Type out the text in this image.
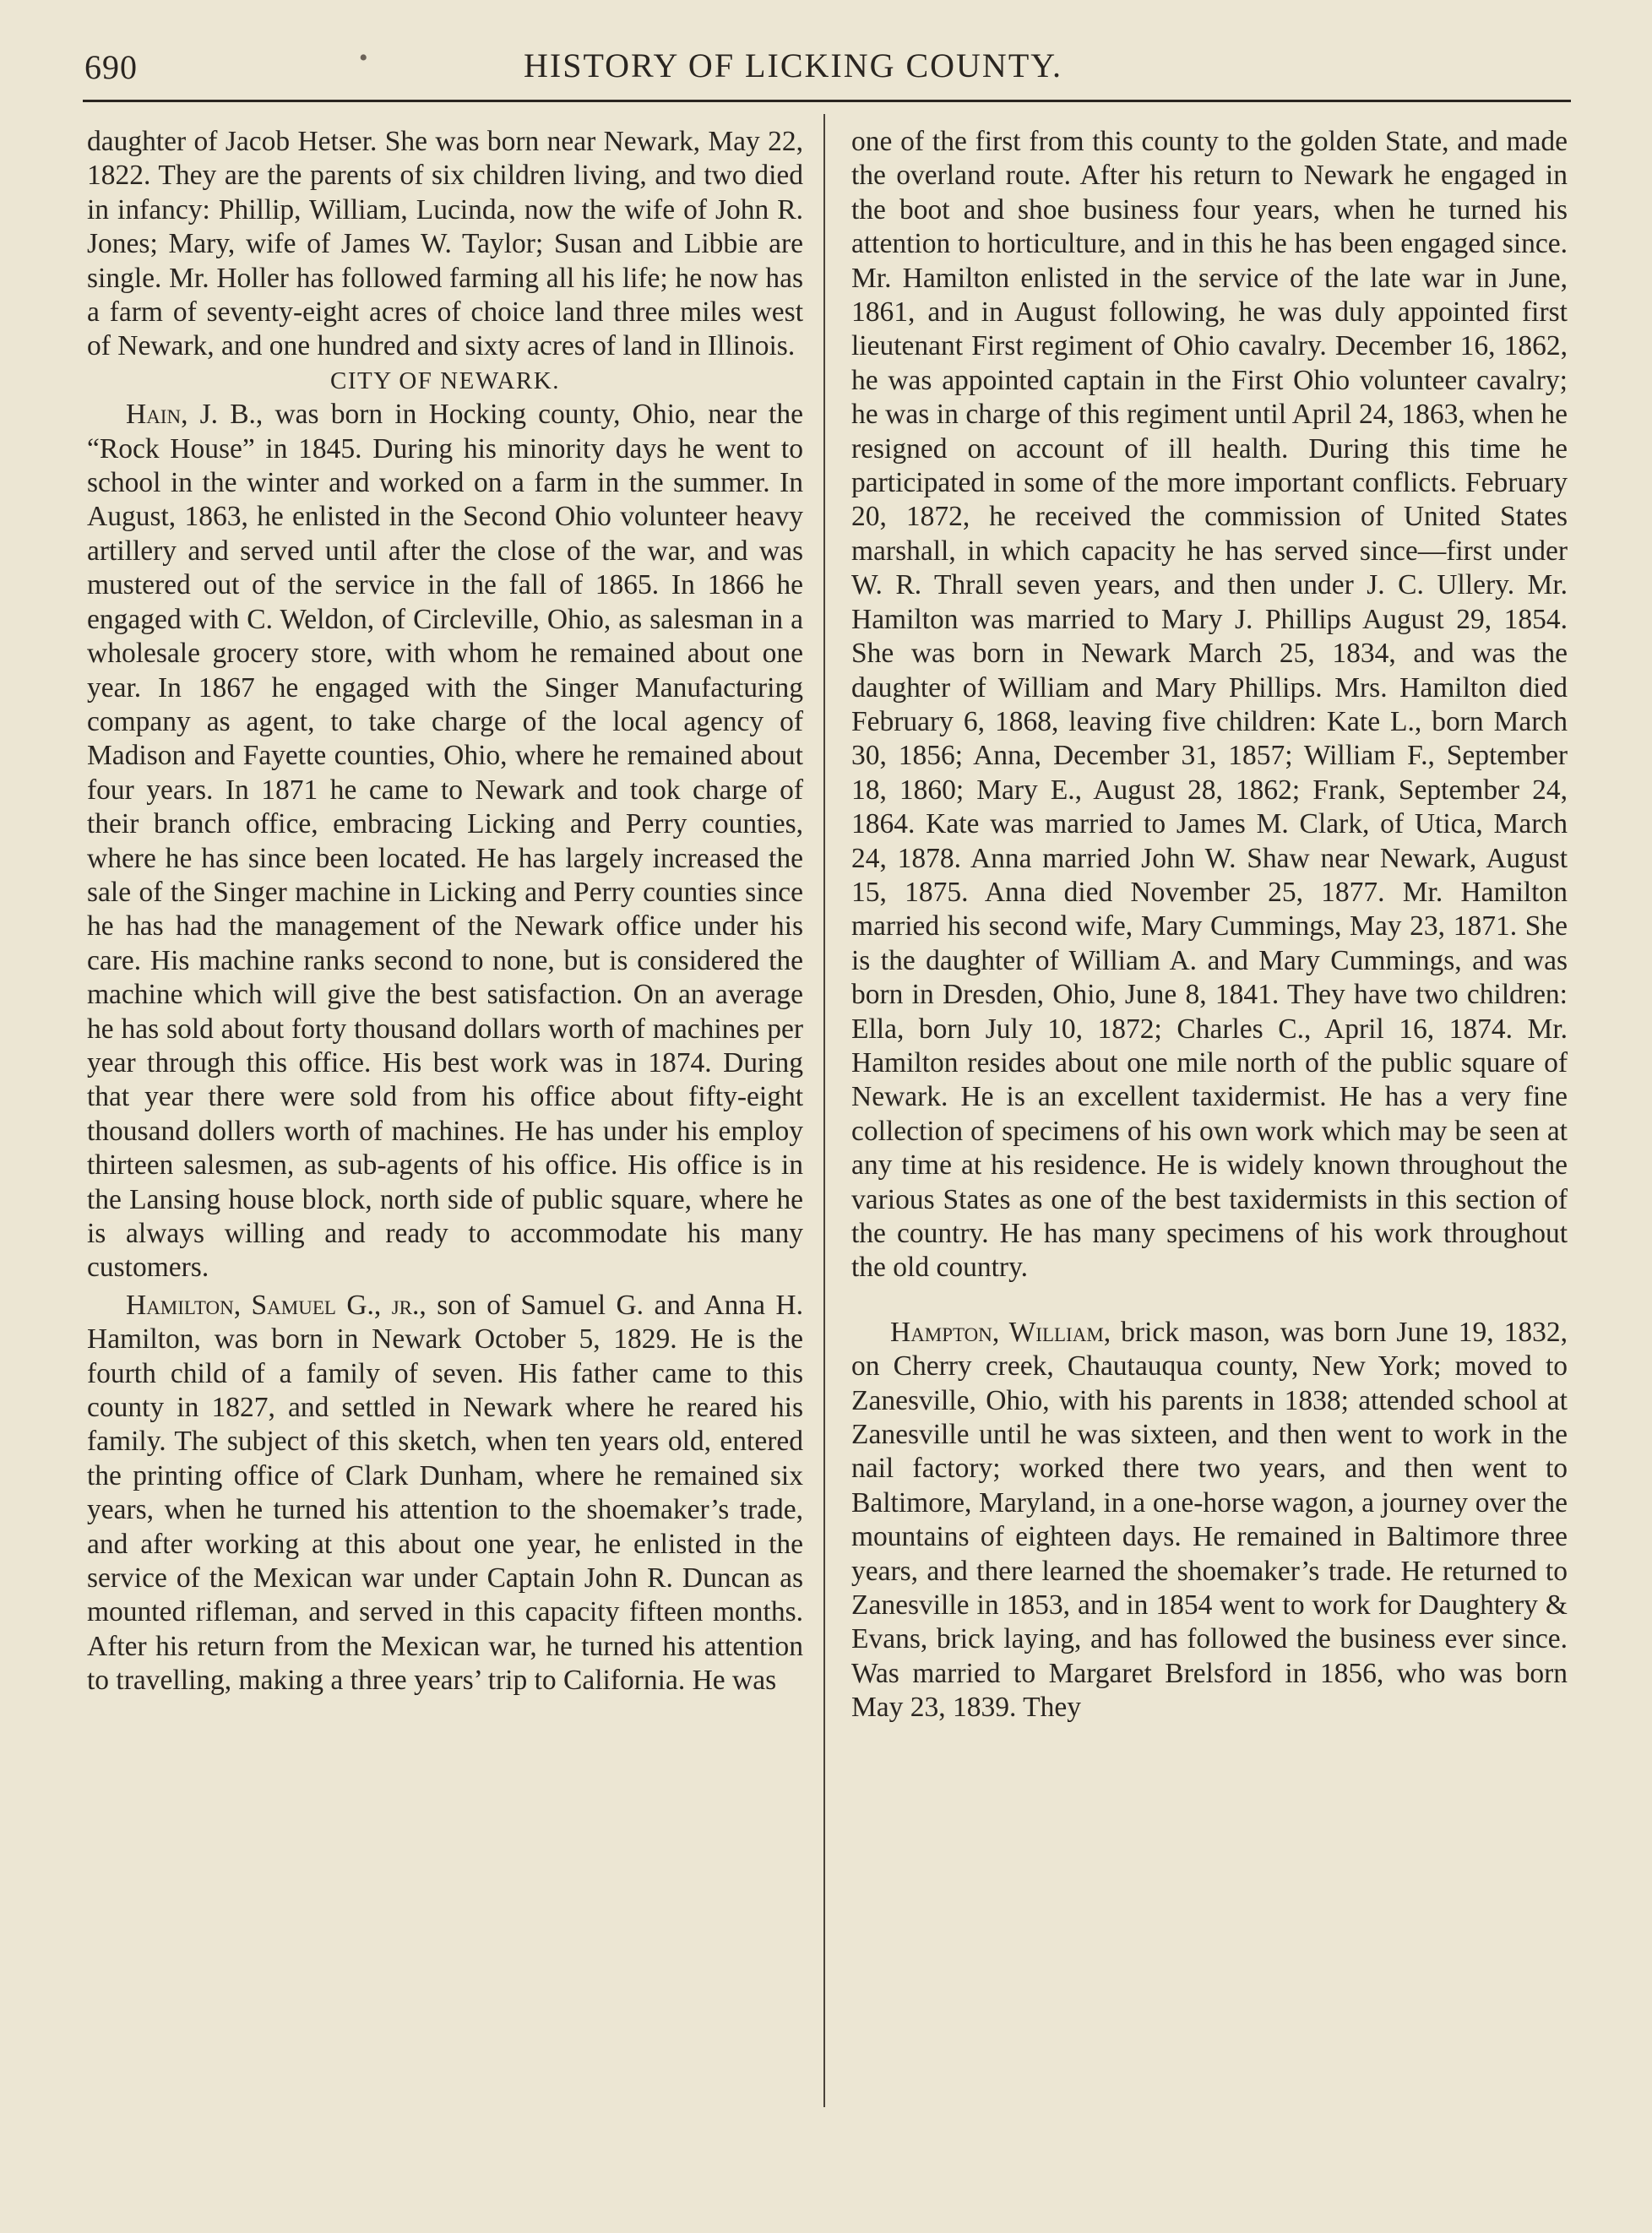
690	•	HISTORY OF LICKING COUNTY.

daughter of Jacob Hetser. She was born near Newark, May 22, 1822. They are the parents of six children living, and two died in infancy: Phillip, William, Lucinda, now the wife of John R. Jones; Mary, wife of James W. Taylor; Susan and Libbie are single. Mr. Holler has followed farming all his life; he now has a farm of seventy-eight acres of choice land three miles west of Newark, and one hundred and sixty acres of land in Illinois.

CITY OF NEWARK.

Hain, J. B., was born in Hocking county, Ohio, near the “Rock House” in 1845. During his minority days he went to school in the winter and worked on a farm in the summer. In August, 1863, he enlisted in the Second Ohio volunteer heavy artillery and served until after the close of the war, and was mustered out of the service in the fall of 1865. In 1866 he engaged with C. Weldon, of Circleville, Ohio, as salesman in a wholesale grocery store, with whom he remained about one year. In 1867 he engaged with the Singer Manufacturing company as agent, to take charge of the local agency of Madison and Fayette counties, Ohio, where he remained about four years. In 1871 he came to Newark and took charge of their branch office, embracing Licking and Perry counties, where he has since been located. He has largely increased the sale of the Singer machine in Licking and Perry counties since he has had the management of the Newark office under his care. His machine ranks second to none, but is considered the machine which will give the best satisfaction. On an average he has sold about forty thousand dollars worth of machines per year through this office. His best work was in 1874. During that year there were sold from his office about fifty-eight thousand dollers worth of machines. He has under his employ thirteen salesmen, as sub-agents of his office. His office is in the Lansing house block, north side of public square, where he is always willing and ready to accommodate his many customers.

Hamilton, Samuel G., jr., son of Samuel G. and Anna H. Hamilton, was born in Newark October 5, 1829. He is the fourth child of a family of seven. His father came to this county in 1827, and settled in Newark where he reared his family. The subject of this sketch, when ten years old, entered the printing office of Clark Dunham, where he remained six years, when he turned his attention to the shoemaker’s trade, and after working at this about one year, he enlisted in the service of the Mexican war under Captain John R. Duncan as mounted rifleman, and served in this capacity fifteen months. After his return from the Mexican war, he turned his attention to travelling, making a three years’ trip to California. He was

one of the first from this county to the golden State, and made the overland route. After his return to Newark he engaged in the boot and shoe business four years, when he turned his attention to horticulture, and in this he has been engaged since. Mr. Hamilton enlisted in the service of the late war in June, 1861, and in August following, he was duly appointed first lieutenant First regiment of Ohio cavalry. December 16, 1862, he was appointed captain in the First Ohio volunteer cavalry; he was in charge of this regiment until April 24, 1863, when he resigned on account of ill health. During this time he participated in some of the more important conflicts. February 20, 1872, he received the commission of United States marshall, in which capacity he has served since—first under W. R. Thrall seven years, and then under J. C. Ullery. Mr. Hamilton was married to Mary J. Phillips August 29, 1854. She was born in Newark March 25, 1834, and was the daughter of William and Mary Phillips. Mrs. Hamilton died February 6, 1868, leaving five children: Kate L., born March 30, 1856; Anna, December 31, 1857; William F., September 18, 1860; Mary E., August 28, 1862; Frank, September 24, 1864. Kate was married to James M. Clark, of Utica, March 24, 1878. Anna married John W. Shaw near Newark, August 15, 1875. Anna died November 25, 1877. Mr. Hamilton married his second wife, Mary Cummings, May 23, 1871. She is the daughter of William A. and Mary Cummings, and was born in Dresden, Ohio, June 8, 1841. They have two children: Ella, born July 10, 1872; Charles C., April 16, 1874. Mr. Hamilton resides about one mile north of the public square of Newark. He is an excellent taxidermist. He has a very fine collection of specimens of his own work which may be seen at any time at his residence. He is widely known throughout the various States as one of the best taxidermists in this section of the country. He has many specimens of his work throughout the old country.

Hampton, William, brick mason, was born June 19, 1832, on Cherry creek, Chautauqua county, New York; moved to Zanesville, Ohio, with his parents in 1838; attended school at Zanesville until he was sixteen, and then went to work in the nail factory; worked there two years, and then went to Baltimore, Maryland, in a one-horse wagon, a journey over the mountains of eighteen days. He remained in Baltimore three years, and there learned the shoemaker’s trade. He returned to Zanesville in 1853, and in 1854 went to work for Daughtery & Evans, brick laying, and has followed the business ever since. Was married to Margaret Brelsford in 1856, who was born May 23, 1839. They
